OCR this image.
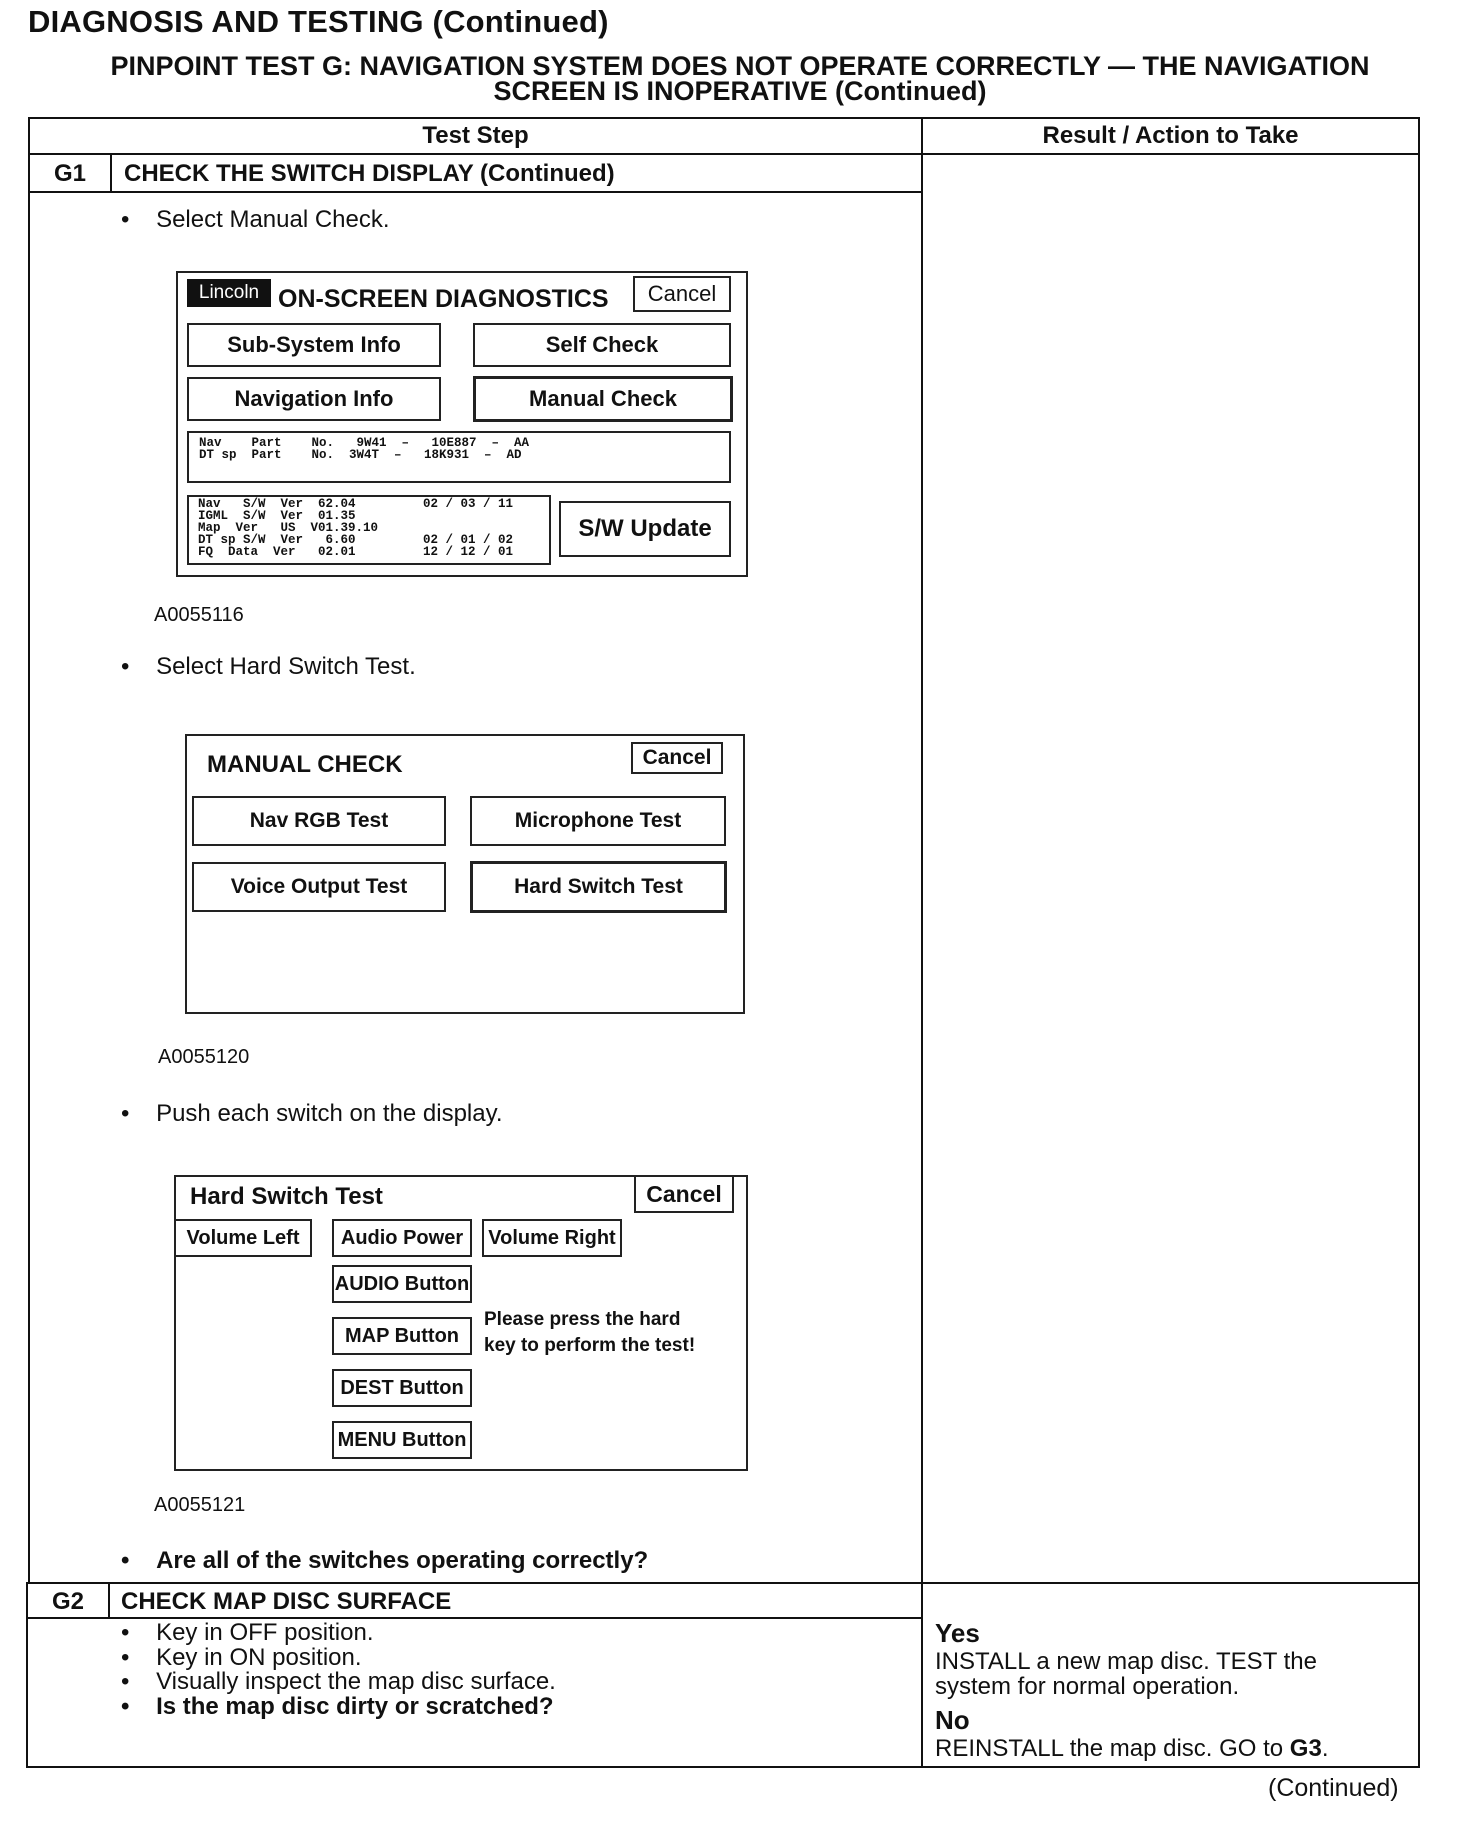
DIAGNOSIS AND TESTING (Continued)
PINPOINT TEST G: NAVIGATION SYSTEM DOES NOT OPERATE CORRECTLY — THE NAVIGATION
SCREEN IS INOPERATIVE (Continued)
Test Step	Result / Action to Take
G1	CHECK THE SWITCH DISPLAY (Continued)
•    Select Manual Check.
Lincoln ON-SCREEN DIAGNOSTICS	Cancel
Sub-System Info	Self Check
Navigation Info	Manual Check
Nav    Part    No.   9W41  –   10E887  –  AA
DT sp  Part    No.  3W4T  –   18K931  –  AD
Nav   S/W  Ver  62.04         02 / 03 / 11
IGML  S/W  Ver  01.35
Map  Ver   US  V01.39.10
DT sp S/W  Ver   6.60         02 / 01 / 02
FQ  Data  Ver   02.01         12 / 12 / 01
S/W Update
A0055116
•    Select Hard Switch Test.
MANUAL CHECK	Cancel
Nav RGB Test	Microphone Test
Voice Output Test	Hard Switch Test
A0055120
•    Push each switch on the display.
Hard Switch Test	Cancel
Volume Left	Audio Power	Volume Right
AUDIO Button
MAP Button
DEST Button
MENU Button
Please press the hard
key to perform the test!
A0055121
•    Are all of the switches operating correctly?
G2	CHECK MAP DISC SURFACE
•    Key in OFF position.
•    Key in ON position.
•    Visually inspect the map disc surface.
•    Is the map disc dirty or scratched?
Yes
INSTALL a new map disc. TEST the
system for normal operation.
No
REINSTALL the map disc. GO to G3.
(Continued)
